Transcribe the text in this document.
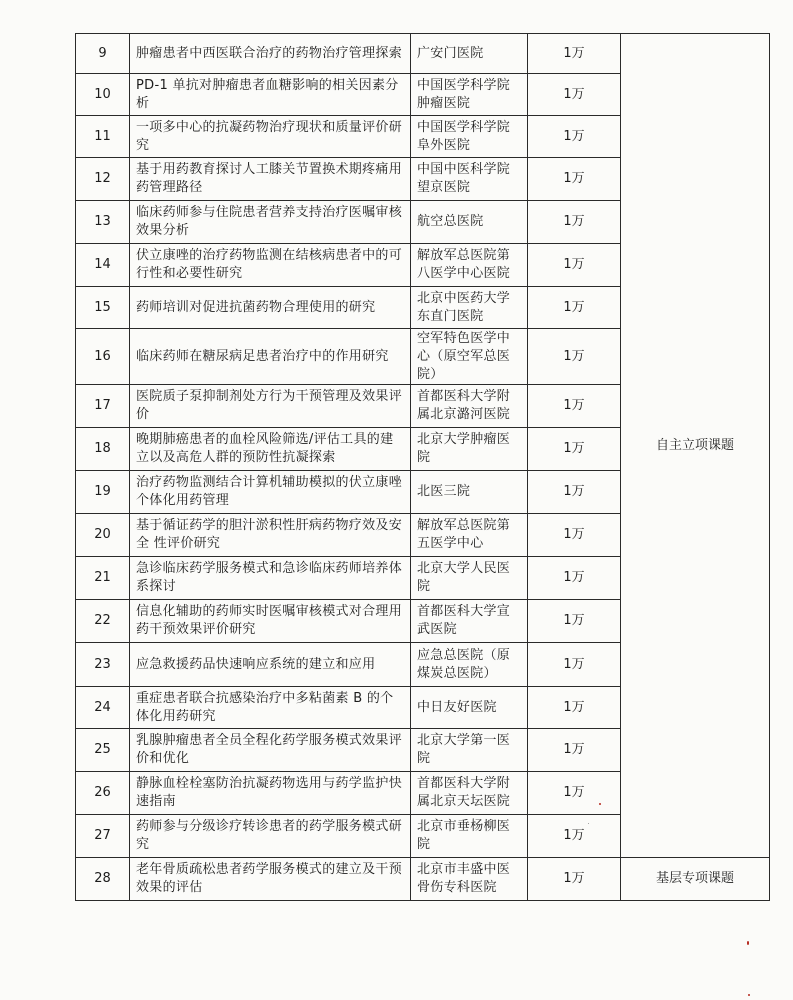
9	肿瘤患者中西医联合治疗的药物治疗管理探索	广安门医院	1万	自主立项课题
10	PD-1 单抗对肿瘤患者血糖影响的相关因素分析	中国医学科学院肿瘤医院	1万	
11	一项多中心的抗凝药物治疗现状和质量评价研究	中国医学科学院阜外医院	1万	
12	基于用药教育探讨人工膝关节置换术期疼痛用药管理路径	中国中医科学院望京医院	1万	
13	临床药师参与住院患者营养支持治疗医嘱审核效果分析	航空总医院	1万	
14	伏立康唑的治疗药物监测在结核病患者中的可行性和必要性研究	解放军总医院第八医学中心医院	1万	
15	药师培训对促进抗菌药物合理使用的研究	北京中医药大学东直门医院	1万	
16	临床药师在糖尿病足患者治疗中的作用研究	空军特色医学中心（原空军总医院）	1万	
17	医院质子泵抑制剂处方行为干预管理及效果评价	首都医科大学附属北京潞河医院	1万	
18	晚期肺癌患者的血栓风险筛选/评估工具的建立以及高危人群的预防性抗凝探索	北京大学肿瘤医院	1万	
19	治疗药物监测结合计算机辅助模拟的伏立康唑个体化用药管理	北医三院	1万	
20	基于循证药学的胆汁淤积性肝病药物疗效及安全 性评价研究	解放军总医院第五医学中心	1万	
21	急诊临床药学服务模式和急诊临床药师培养体系探讨	北京大学人民医院	1万	
22	信息化辅助的药师实时医嘱审核模式对合理用药干预效果评价研究	首都医科大学宣武医院	1万	
23	应急救援药品快速响应系统的建立和应用	应急总医院（原煤炭总医院）	1万	
24	重症患者联合抗感染治疗中多粘菌素 B 的个体化用药研究	中日友好医院	1万	
25	乳腺肿瘤患者全员全程化药学服务模式效果评价和优化	北京大学第一医院	1万	
26	静脉血栓栓塞防治抗凝药物选用与药学监护快速指南	首都医科大学附属北京天坛医院	1万	
27	药师参与分级诊疗转诊患者的药学服务模式研究	北京市垂杨柳医院	1万	
28	老年骨质疏松患者药学服务模式的建立及干预效果的评估	北京市丰盛中医骨伤专科医院	1万	基层专项课题
